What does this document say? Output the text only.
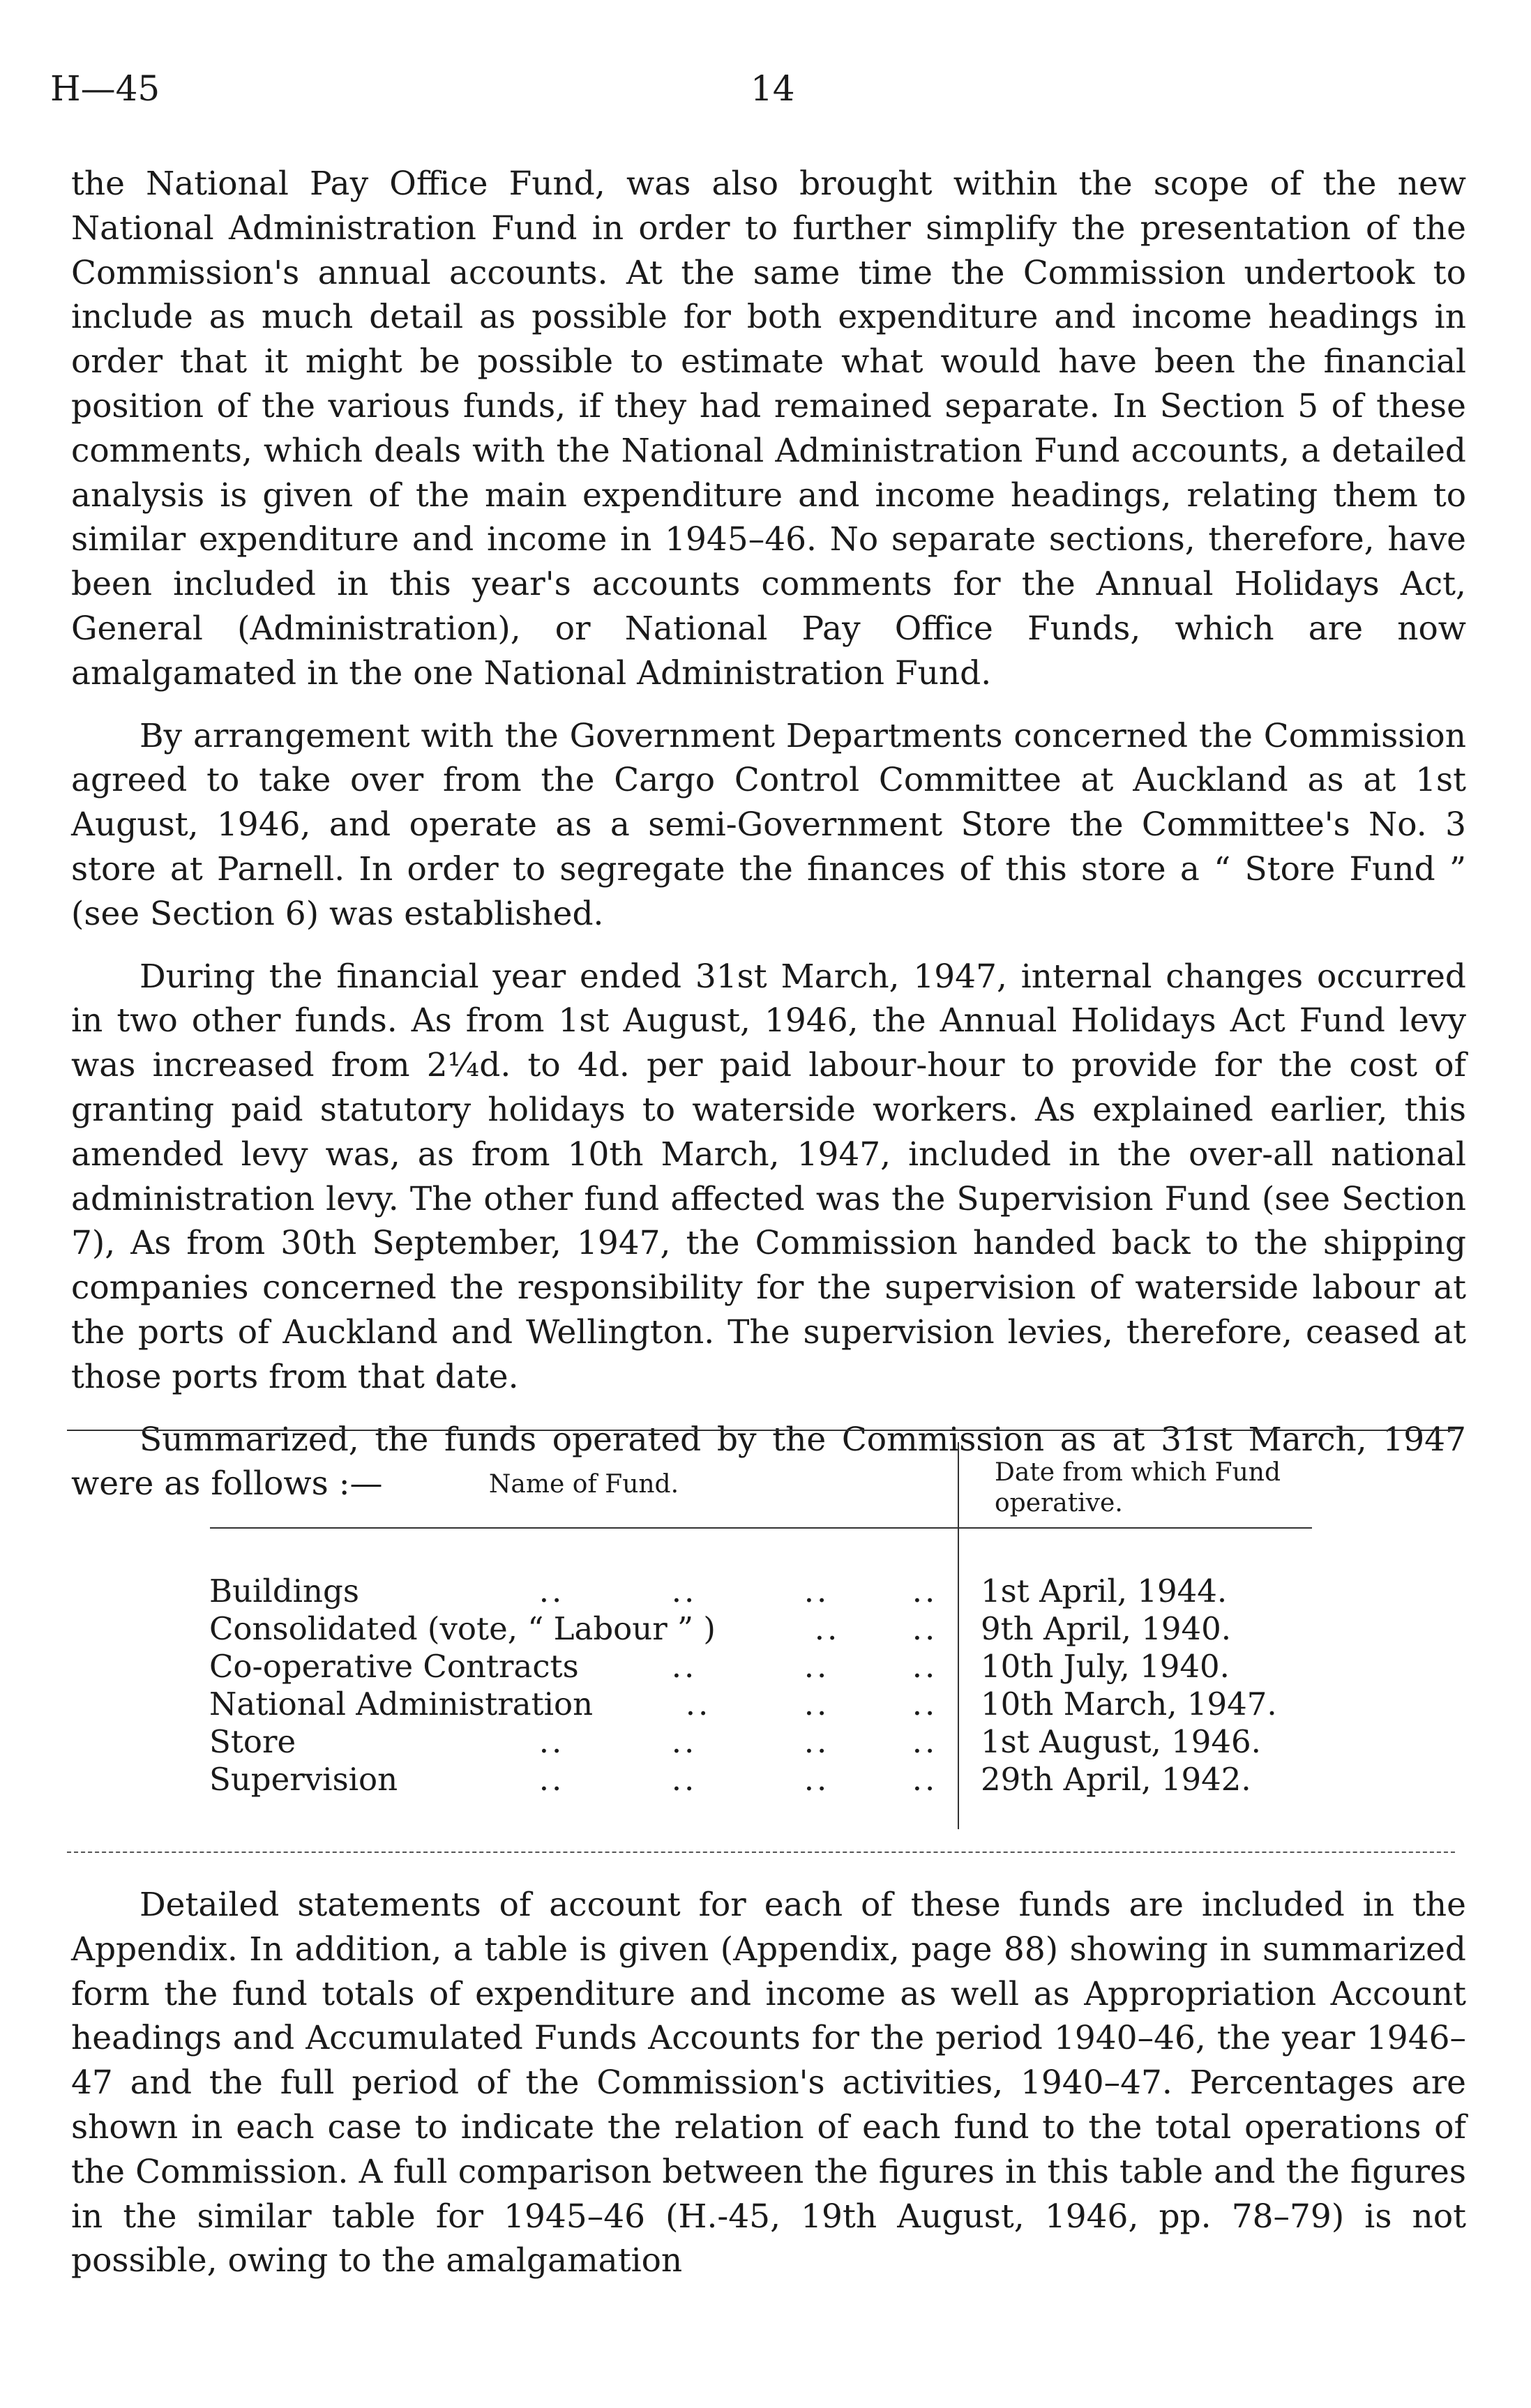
H—45	14

the National Pay Office Fund, was also brought within the scope of the new National Administration Fund in order to further simplify the presentation of the Commission's annual accounts. At the same time the Commission undertook to include as much detail as possible for both expenditure and income headings in order that it might be possible to estimate what would have been the financial position of the various funds, if they had remained separate. In Section 5 of these comments, which deals with the National Administration Fund accounts, a detailed analysis is given of the main expenditure and income headings, relating them to similar expenditure and income in 1945–46. No separate sections, therefore, have been included in this year's accounts comments for the Annual Holidays Act, General (Administration), or National Pay Office Funds, which are now amalgamated in the one National Administration Fund.

By arrangement with the Government Departments concerned the Commission agreed to take over from the Cargo Control Committee at Auckland as at 1st August, 1946, and operate as a semi-Government Store the Committee's No. 3 store at Parnell. In order to segregate the finances of this store a “ Store Fund ” (see Section 6) was established.

During the financial year ended 31st March, 1947, internal changes occurred in two other funds. As from 1st August, 1946, the Annual Holidays Act Fund levy was increased from 2¼d. to 4d. per paid labour-hour to provide for the cost of granting paid statutory holidays to waterside workers. As explained earlier, this amended levy was, as from 10th March, 1947, included in the over-all national administration levy. The other fund affected was the Supervision Fund (see Section 7), As from 30th September, 1947, the Commission handed back to the shipping companies concerned the responsibility for the supervision of waterside labour at the ports of Auckland and Wellington. The supervision levies, therefore, ceased at those ports from that date.

Summarized, the funds operated by the Commission as at 31st March, 1947 were as follows :—	Name of Fund.	Date from which Fund operative.
Buildings	..	..	..	.. 1st April, 1944.
Consolidated (vote, “ Labour ” )	.. .. 9th April, 1940.
Co-operative Contracts	..	..	.. 10th July, 1940.
National Administration	..	..	.. 10th March, 1947.
Store	..	..	..	.. 1st August, 1946.
Supervision	..	..	..	.. 29th April, 1942.

Detailed statements of account for each of these funds are included in the Appendix. In addition, a table is given (Appendix, page 88) showing in summarized form the fund totals of expenditure and income as well as Appropriation Account headings and Accumulated Funds Accounts for the period 1940–46, the year 1946–47 and the full period of the Commission's activities, 1940–47. Percentages are shown in each case to indicate the relation of each fund to the total operations of the Commission. A full comparison between the figures in this table and the figures in the similar table for 1945–46 (H.-45, 19th August, 1946, pp. 78–79) is not possible, owing to the amalgamation
